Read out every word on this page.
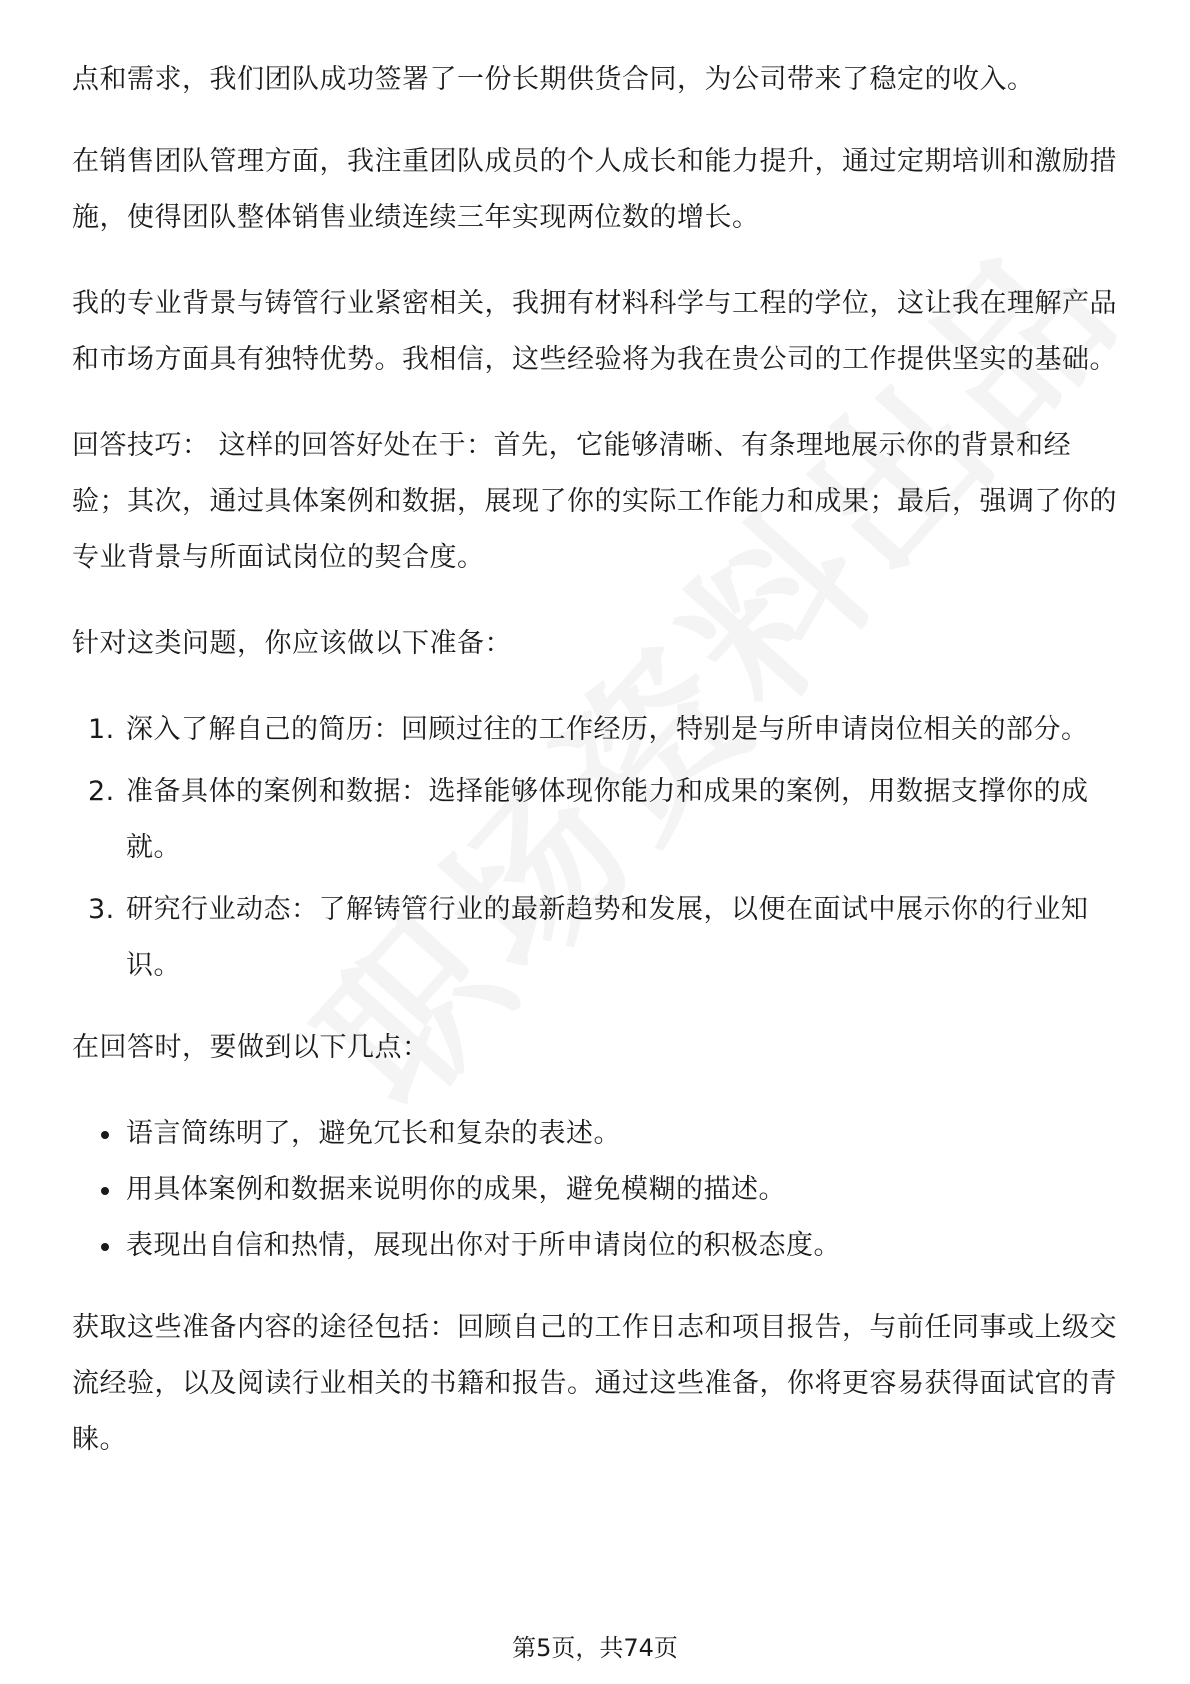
点和需求，我们团队成功签署了一份长期供货合同，为公司带来了稳定的收入。

在销售团队管理方面，我注重团队成员的个人成长和能力提升，通过定期培训和激励措施，使得团队整体销售业绩连续三年实现两位数的增长。

我的专业背景与铸管行业紧密相关，我拥有材料科学与工程的学位，这让我在理解产品和市场方面具有独特优势。我相信，这些经验将为我在贵公司的工作提供坚实的基础。

回答技巧： 这样的回答好处在于：首先，它能够清晰、有条理地展示你的背景和经验；其次，通过具体案例和数据，展现了你的实际工作能力和成果；最后，强调了你的专业背景与所面试岗位的契合度。

针对这类问题，你应该做以下准备：

1. 深入了解自己的简历：回顾过往的工作经历，特别是与所申请岗位相关的部分。
2. 准备具体的案例和数据：选择能够体现你能力和成果的案例，用数据支撑你的成就。
3. 研究行业动态：了解铸管行业的最新趋势和发展，以便在面试中展示你的行业知识。

在回答时，要做到以下几点：

语言简练明了，避免冗长和复杂的表述。
用具体案例和数据来说明你的成果，避免模糊的描述。
表现出自信和热情，展现出你对于所申请岗位的积极态度。

获取这些准备内容的途径包括：回顾自己的工作日志和项目报告，与前任同事或上级交流经验，以及阅读行业相关的书籍和报告。通过这些准备，你将更容易获得面试官的青睐。

第5页，共74页
